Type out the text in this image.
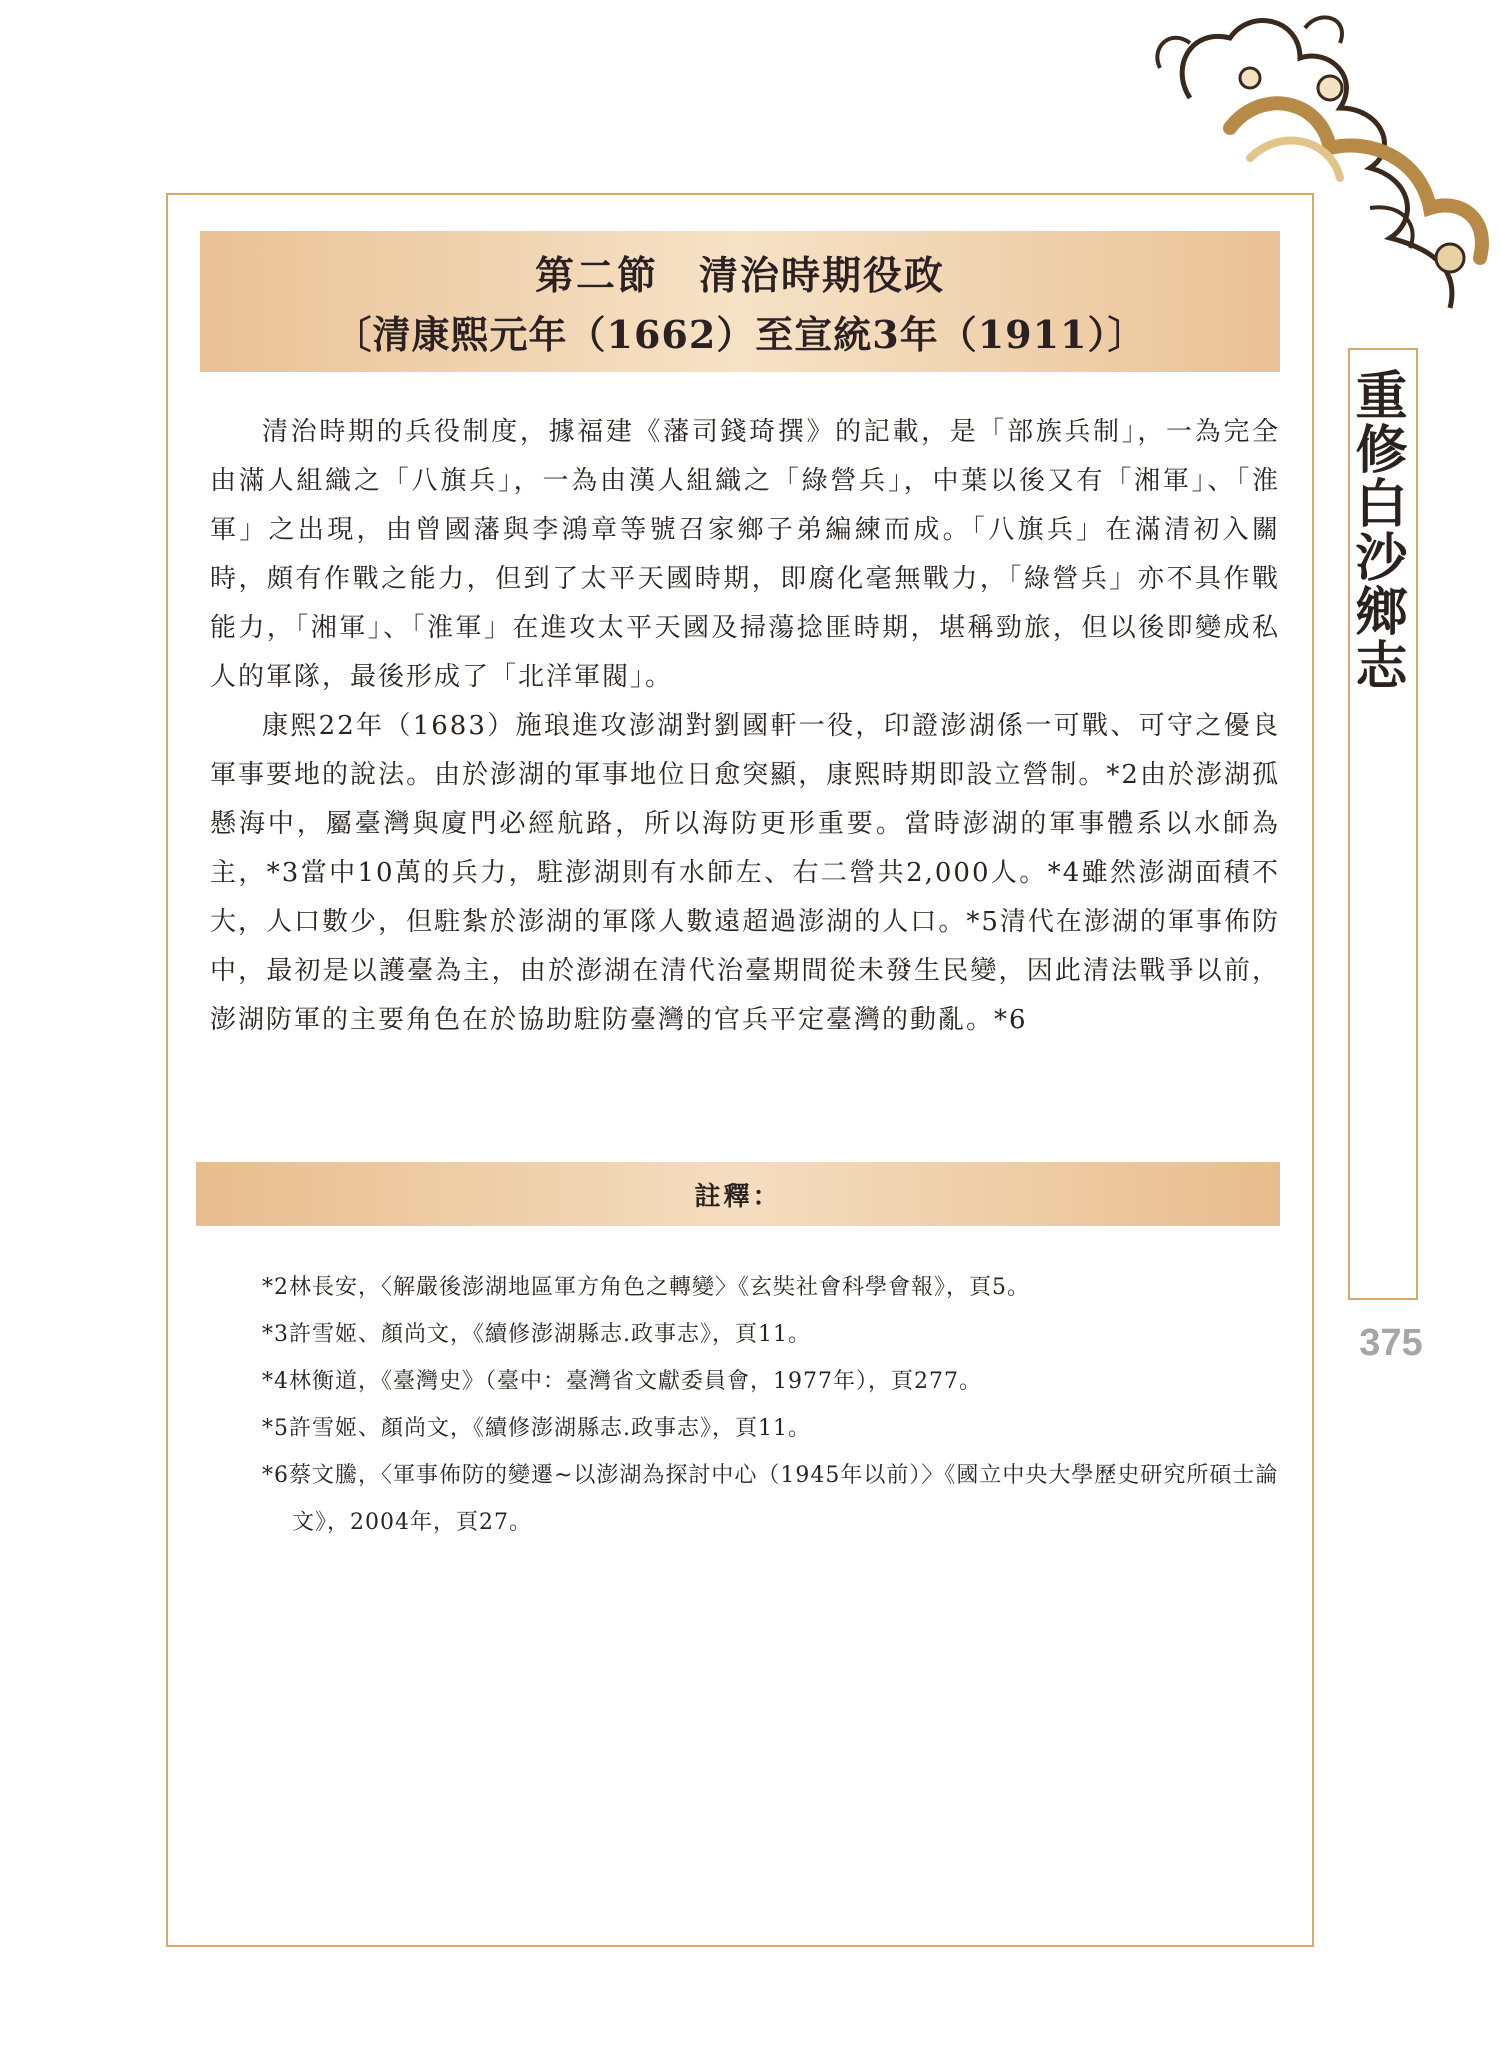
重修白沙鄉志
375
第二節　清治時期役政
〔清康熙元年（1662）至宣統3年（1911）〕

清治時期的兵役制度，據福建《藩司錢琦撰》的記載，是「部族兵制」，一為完全由滿人組織之「八旗兵」，一為由漢人組織之「綠營兵」，中葉以後又有「湘軍」、「淮軍」之出現，由曾國藩與李鴻章等號召家鄉子弟編練而成。「八旗兵」在滿清初入關時，頗有作戰之能力，但到了太平天國時期，即腐化毫無戰力，「綠營兵」亦不具作戰能力，「湘軍」、「淮軍」在進攻太平天國及掃蕩捻匪時期，堪稱勁旅，但以後即變成私人的軍隊，最後形成了「北洋軍閥」。

康熙22年（1683）施琅進攻澎湖對劉國軒一役，印證澎湖係一可戰、可守之優良軍事要地的說法。由於澎湖的軍事地位日愈突顯，康熙時期即設立營制。*2由於澎湖孤懸海中，屬臺灣與廈門必經航路，所以海防更形重要。當時澎湖的軍事體系以水師為主，*3當中10萬的兵力，駐澎湖則有水師左、右二營共2,000人。*4雖然澎湖面積不大，人口數少，但駐紮於澎湖的軍隊人數遠超過澎湖的人口。*5清代在澎湖的軍事佈防中，最初是以護臺為主，由於澎湖在清代治臺期間從未發生民變，因此清法戰爭以前，澎湖防軍的主要角色在於協助駐防臺灣的官兵平定臺灣的動亂。*6

註釋：
*2林長安，〈解嚴後澎湖地區軍方角色之轉變〉《玄奘社會科學會報》，頁5。
*3許雪姬、顏尚文，《續修澎湖縣志.政事志》，頁11。
*4林衡道，《臺灣史》（臺中：臺灣省文獻委員會，1977年），頁277。
*5許雪姬、顏尚文，《續修澎湖縣志.政事志》，頁11。
*6蔡文騰，〈軍事佈防的變遷~以澎湖為探討中心（1945年以前）〉《國立中央大學歷史研究所碩士論文》，2004年，頁27。
